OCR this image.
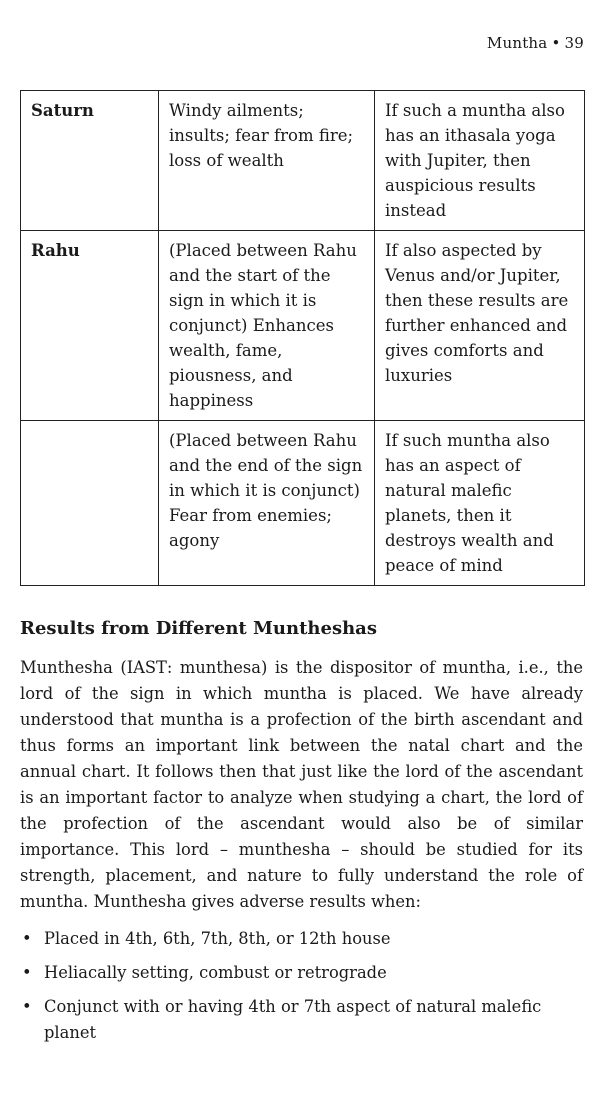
Muntha • 39
Saturn	Windy ailments; insults; fear from fire; loss of wealth	If such a muntha also has an ithasala yoga with Jupiter, then auspicious results instead
Rahu	(Placed between Rahu and the start of the sign in which it is conjunct) Enhances wealth, fame, piousness, and happiness	If also aspected by Venus and/or Jupiter, then these results are further enhanced and gives comforts and luxuries
	(Placed between Rahu and the end of the sign in which it is conjunct) Fear from enemies; agony	If such muntha also has an aspect of natural malefic planets, then it destroys wealth and peace of mind
Results from Different Muntheshas

Munthesha (IAST: munthesa) is the dispositor of muntha, i.e., the lord of the sign in which muntha is placed. We have already understood that muntha is a profection of the birth ascendant and thus forms an important link between the natal chart and the annual chart. It follows then that just like the lord of the ascendant is an important factor to analyze when studying a chart, the lord of the profection of the ascendant would also be of similar importance. This lord – munthesha – should be studied for its strength, placement, and nature to fully understand the role of muntha. Munthesha gives adverse results when:

• Placed in 4th, 6th, 7th, 8th, or 12th house
• Heliacally setting, combust or retrograde
• Conjunct with or having 4th or 7th aspect of natural malefic planet
